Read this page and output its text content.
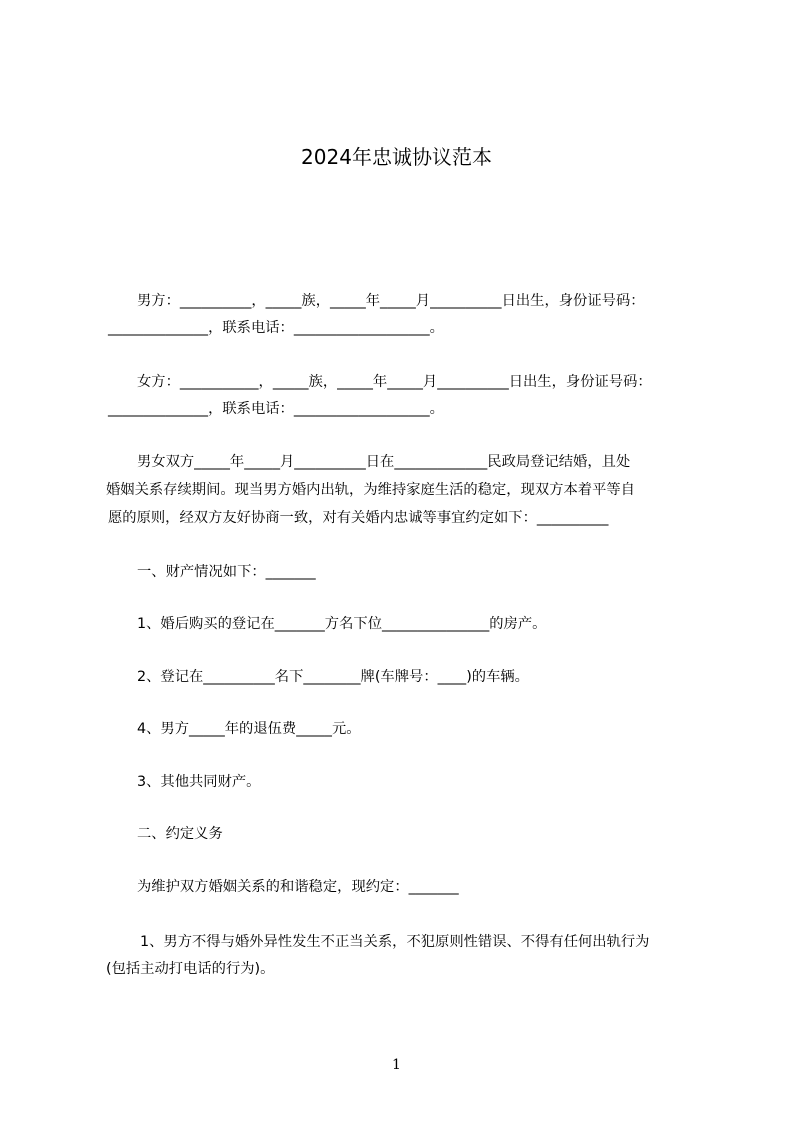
2024年忠诚协议范本
男方：__________，_____族，_____年_____月__________日出生，身份证号码：
______________，联系电话：___________________。
女方：___________，_____族，_____年_____月__________日出生，身份证号码：
______________，联系电话：___________________。
男女双方_____年_____月__________日在_____________民政局登记结婚，且处
婚姻关系存续期间。现当男方婚内出轨，为维持家庭生活的稳定，现双方本着平等自
愿的原则，经双方友好协商一致，对有关婚内忠诚等事宜约定如下：__________
一、财产情况如下：_______
1、婚后购买的登记在_______方名下位_______________的房产。
2、登记在__________名下________牌(车牌号：____)的车辆。
4、男方_____年的退伍费_____元。
3、其他共同财产。
二、约定义务
为维护双方婚姻关系的和谐稳定，现约定：_______
1、男方不得与婚外异性发生不正当关系，不犯原则性错误、不得有任何出轨行为
(包括主动打电话的行为)。
1
